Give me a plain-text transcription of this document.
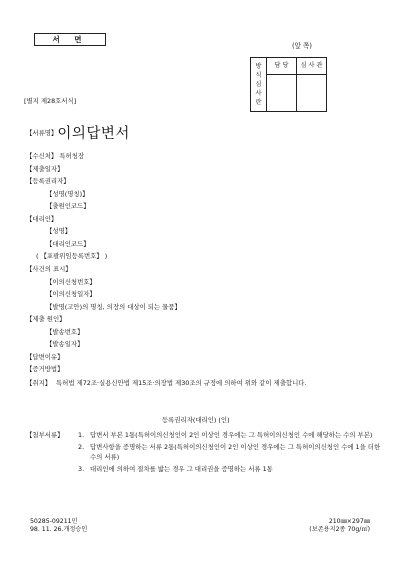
서 면
(앞 쪽)
방
식
심
사
란	담 당	심 사 관

[별지 제28호서식]
【서류명】이의답변서
【수신처】 특허청장
【제출일자】
【등록권리자】
【성명(명칭)】
【출원인코드】
【대리인】
【성명】
【대리인코드】
( 【포괄위임등록번호】 )
【사건의 표시】
【이의신청번호】
【이의신청일자】
【발명(고안)의 명칭, 의장의 대상이 되는 물품】
【제출 원인】
【발송번호】
【발송일자】
【답변이유】
【증거방법】
【취지】 특허법 제72조·실용신안법 제15조·의장법 제30조의 규정에 의하여 위와 같이 제출합니다.
등록권리자(대리인) (인)
【첨부서류】 1. 답변서 부본 1통(특허이의신청인이 2인 이상인 경우에는 그 특허이의신청인 수에 해당하는 수의 부본)
2. 답변사항을 증명하는 서류 2통(특허이의신청인이 2인 이상인 경우에는 그 특허이의신청인 수에 1을 더한 수의 서류)
3. 대리인에 의하여 절차를 밟는 경우 그 대리권을 증명하는 서류 1통
50285-09211민
98. 11. 26.개정승인
210㎜×297㎜
(보존용지2종 70g/㎡)
